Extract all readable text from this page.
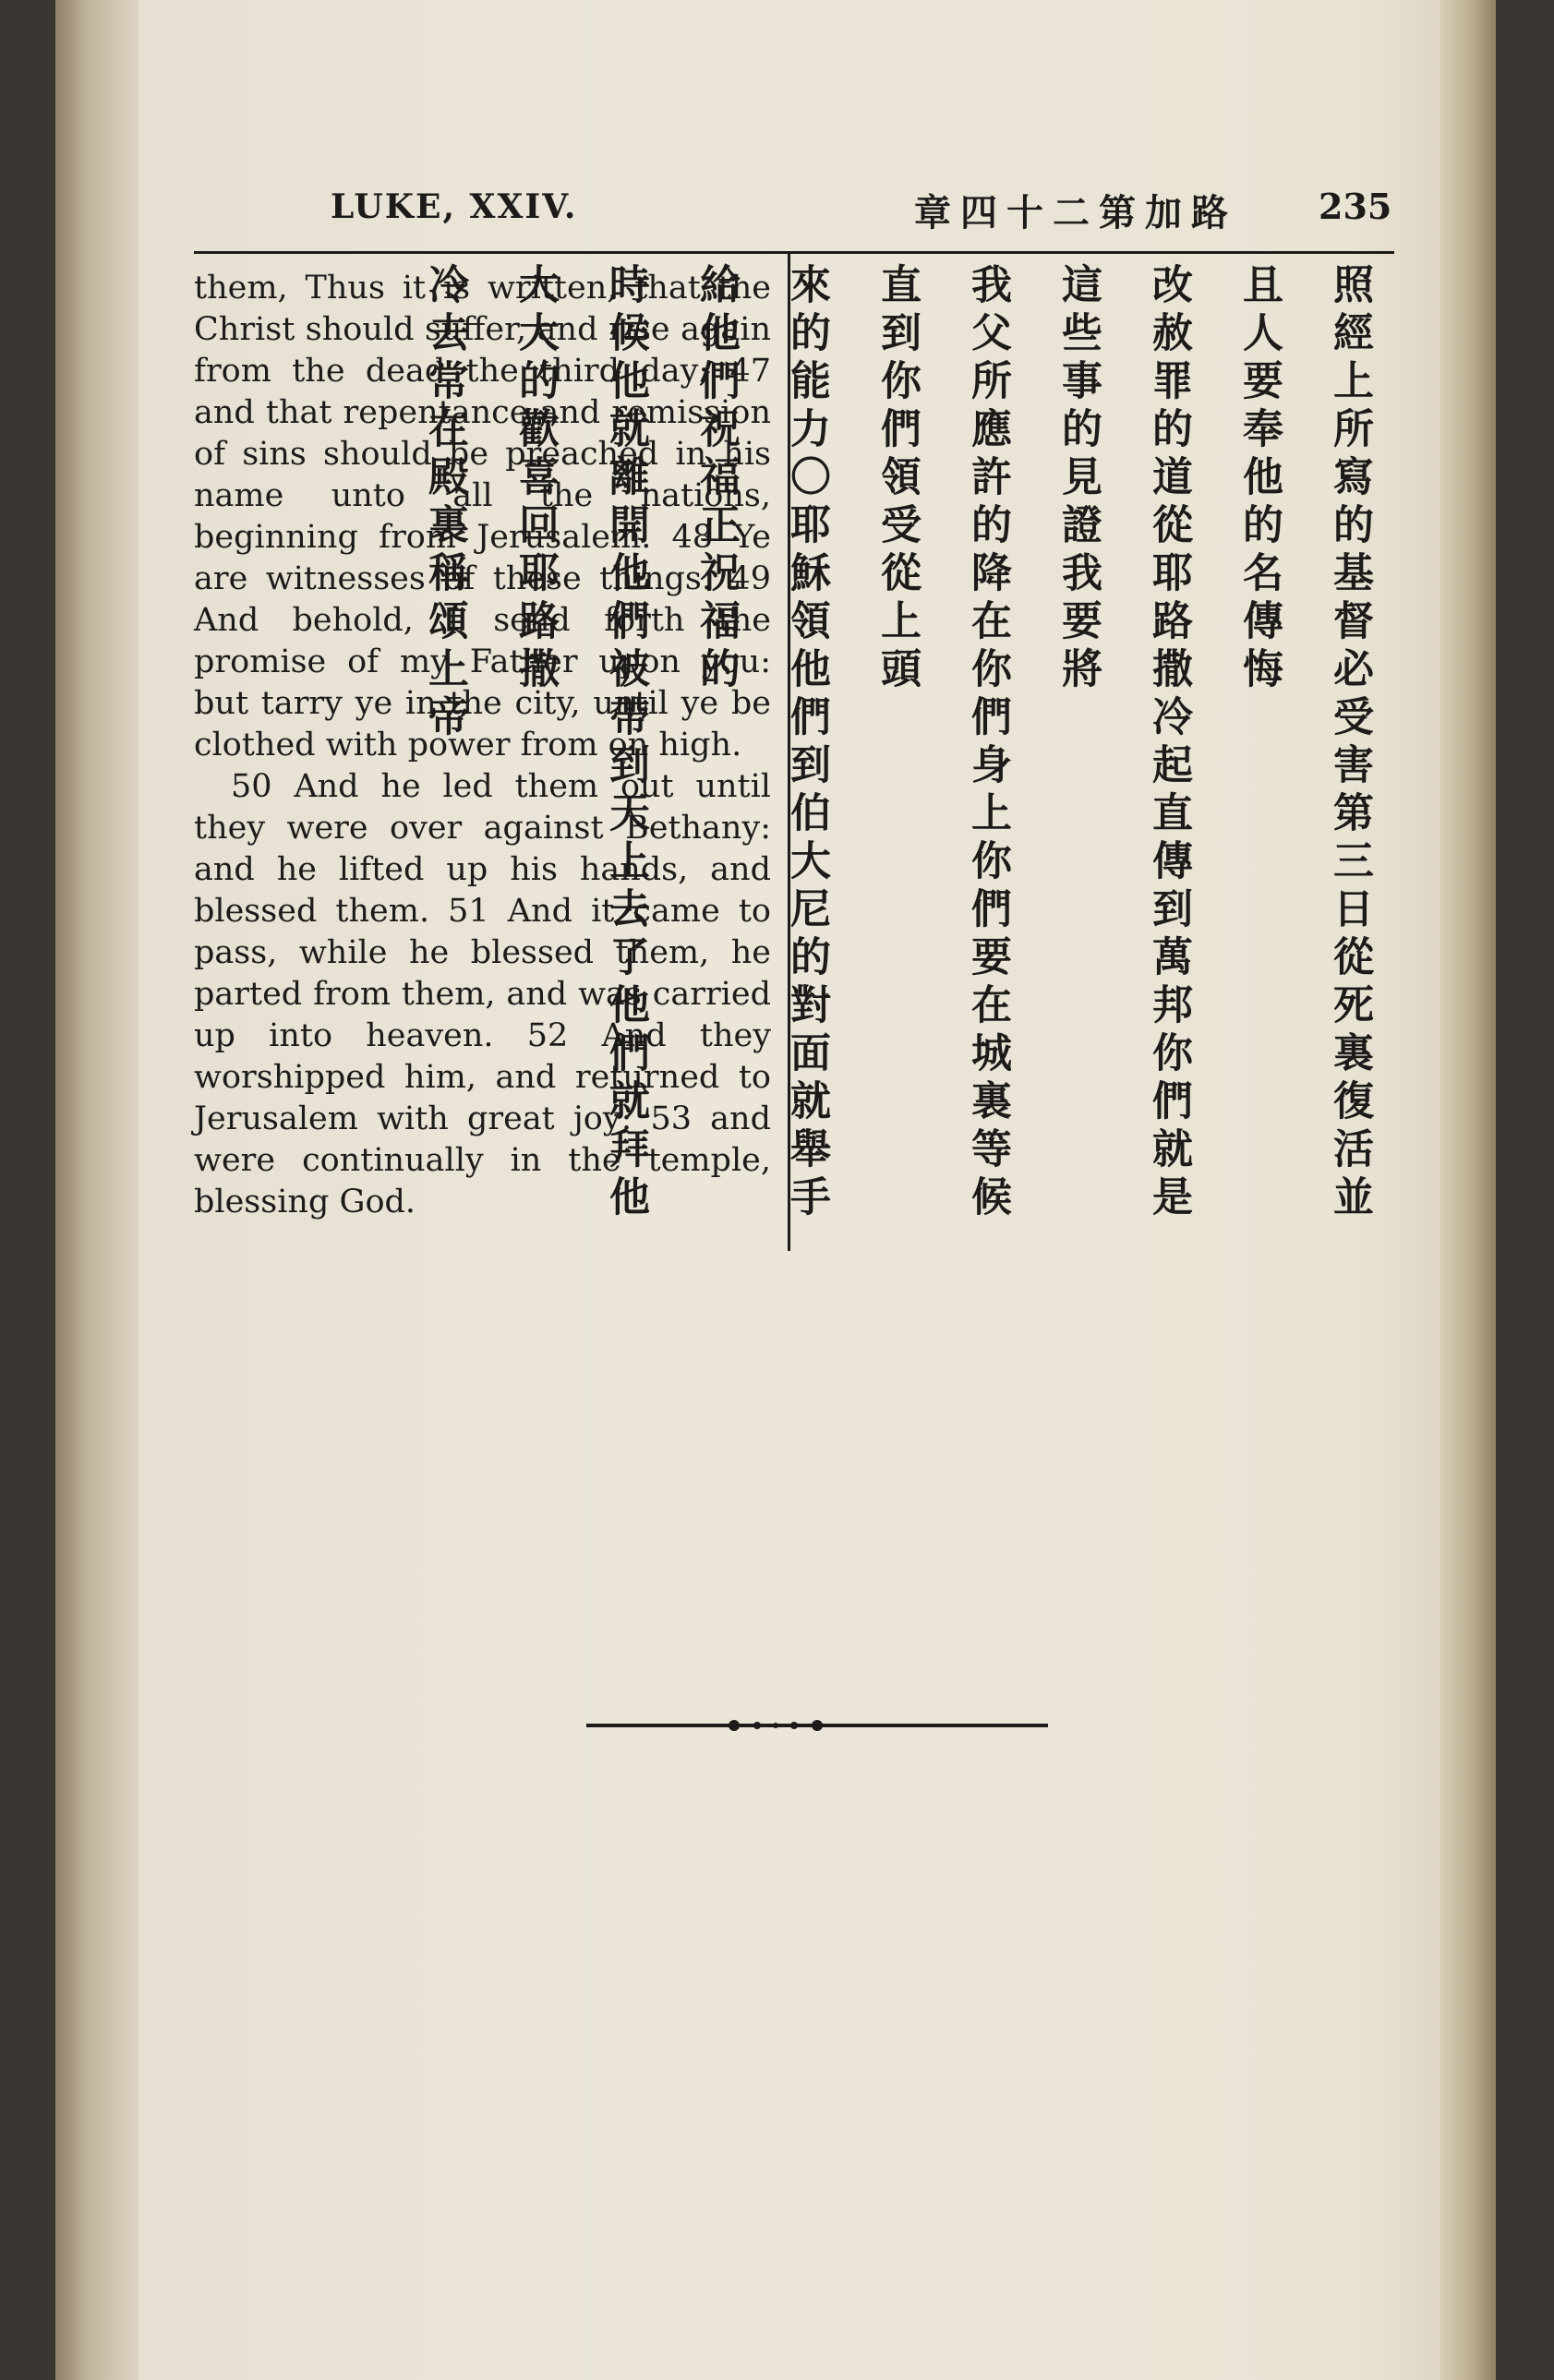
LUKE, XXIV.	章四十二第加路 235

them, Thus it is written, that the Christ should suffer, and rise again from the dead the third day; 47 and that repentance and remission of sins should be preached in his name unto all the nations, beginning from Jerusalem. 48 Ye are witnesses of these things. 49 And behold, I send forth the promise of my Father upon you: but tarry ye in the city, until ye be clothed with power from on high.

50 And he led them out until they were over against Bethany: and he lifted up his hands, and blessed them. 51 And it came to pass, while he blessed them, he parted from them, and was carried up into heaven. 52 And they worshipped him, and returned to Jerusalem with great joy: 53 and were continually in the temple, blessing God.	照經上所寫的基督必受害第三日從死裏復活並且人要奉他的名傳悔
改赦罪的道從耶路撒冷起直傳到萬邦你們就是這些事的見證我要將
我父所應許的降在你們身上你們要在城裏等候直到你們領受從上頭
來的能力〇耶穌領他們到伯大尼的對面就舉手給他們祝福正祝福的
時候他就離開他們被帶到天上去了他們就拜他大大的歡喜回耶路撒
冷去常在殿裏稱頌上帝
